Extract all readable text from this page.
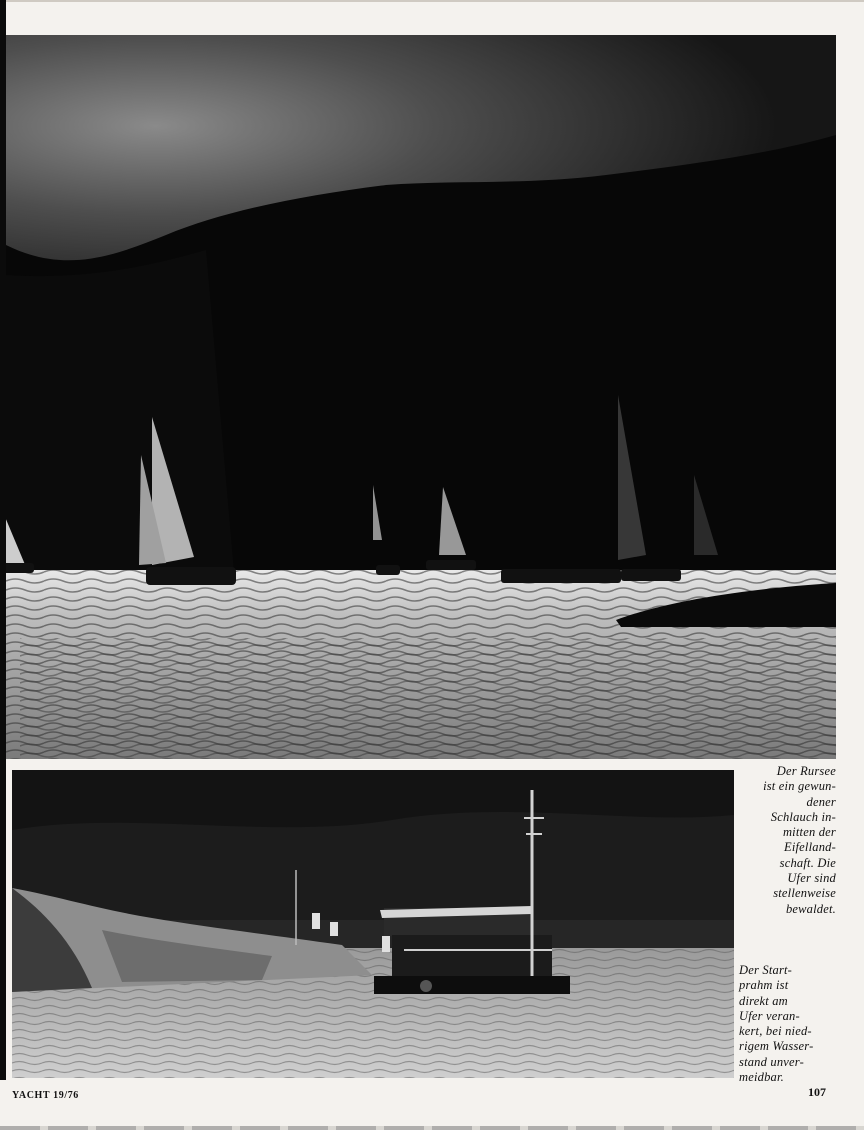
Der Rursee
ist ein gewun-
dener
Schlauch in-
mitten der
Eifelland-
schaft. Die
Ufer sind
stellenweise
bewaldet.
Der Start-
prahm ist
direkt am
Ufer veran-
kert, bei nied-
rigem Wasser-
stand unver-
meidbar.
YACHT 19/76	107
